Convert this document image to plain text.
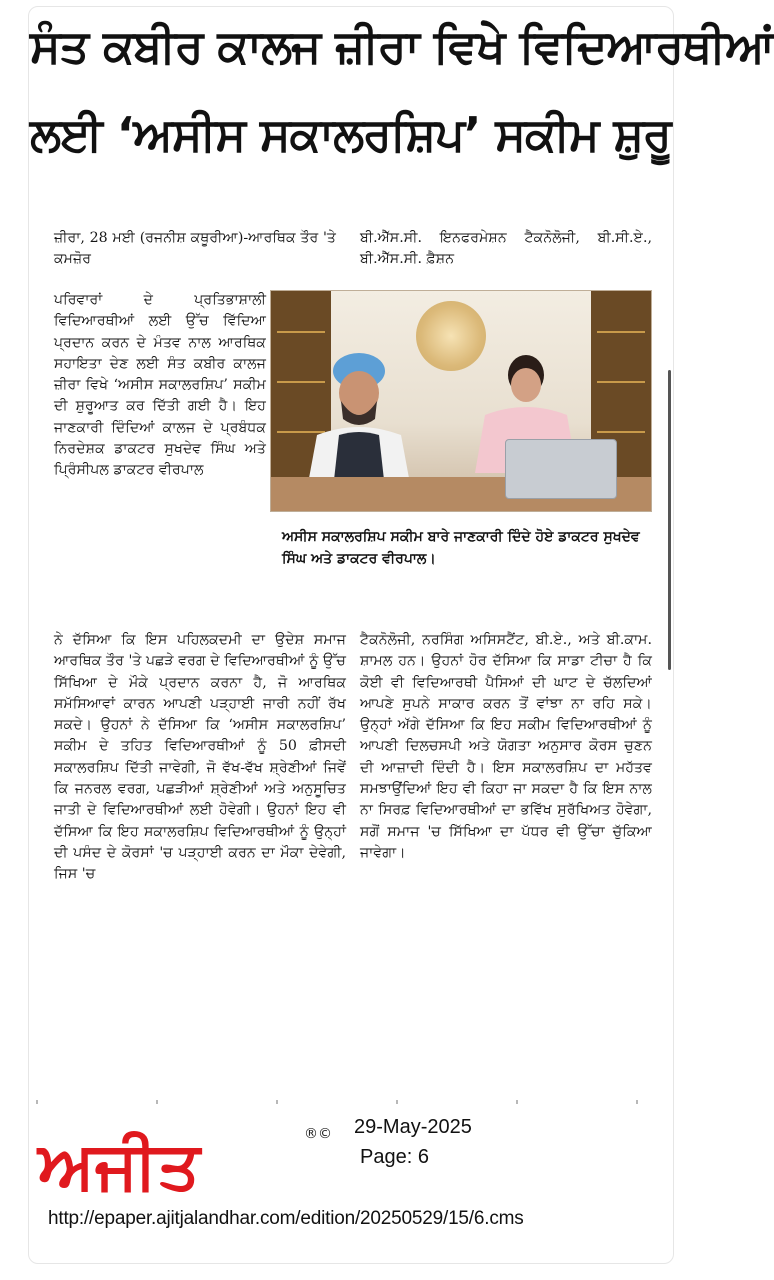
ਸੰਤ ਕਬੀਰ ਕਾਲਜ ਜ਼ੀਰਾ ਵਿਖੇ ਵਿਦਿਆਰਥੀਆਂ
ਲਈ ‘ਅਸੀਸ ਸਕਾਲਰਸ਼ਿਪ’ ਸਕੀਮ ਸ਼ੁਰੂ

ਜ਼ੀਰਾ, 28 ਮਈ (ਰਜਨੀਸ਼ ਕਥੂਰੀਆ)-ਆਰਥਿਕ ਤੌਰ 'ਤੇ ਕਮਜ਼ੋਰ

ਬੀ.ਐੱਸ.ਸੀ. ਇਨਫਰਮੇਸ਼ਨ ਟੈਕਨੋਲੋਜੀ, ਬੀ.ਸੀ.ਏ., ਬੀ.ਐੱਸ.ਸੀ. ਫ਼ੈਸ਼ਨ

ਪਰਿਵਾਰਾਂ ਦੇ ਪ੍ਰਤਿਭਾਸ਼ਾਲੀ ਵਿਦਿਆਰਥੀਆਂ ਲਈ ਉੱਚ ਵਿੱਦਿਆ ਪ੍ਰਦਾਨ ਕਰਨ ਦੇ ਮੰਤਵ ਨਾਲ ਆਰਥਿਕ ਸਹਾਇਤਾ ਦੇਣ ਲਈ ਸੰਤ ਕਬੀਰ ਕਾਲਜ ਜ਼ੀਰਾ ਵਿਖੇ ‘ਅਸੀਸ ਸਕਾਲਰਸ਼ਿਪ’ ਸਕੀਮ ਦੀ ਸ਼ੁਰੂਆਤ ਕਰ ਦਿੱਤੀ ਗਈ ਹੈ। ਇਹ ਜਾਣਕਾਰੀ ਦਿੰਦਿਆਂ ਕਾਲਜ ਦੇ ਪ੍ਰਬੰਧਕ ਨਿਰਦੇਸ਼ਕ ਡਾਕਟਰ ਸੁਖਦੇਵ ਸਿੰਘ ਅਤੇ ਪ੍ਰਿੰਸੀਪਲ ਡਾਕਟਰ ਵੀਰਪਾਲ

ਅਸੀਸ ਸਕਾਲਰਸ਼ਿਪ ਸਕੀਮ ਬਾਰੇ ਜਾਣਕਾਰੀ ਦਿੰਦੇ ਹੋਏ ਡਾਕਟਰ ਸੁਖਦੇਵ ਸਿੰਘ ਅਤੇ ਡਾਕਟਰ ਵੀਰਪਾਲ।

ਨੇ ਦੱਸਿਆ ਕਿ ਇਸ ਪਹਿਲਕਦਮੀ ਦਾ ਉਦੇਸ਼ ਸਮਾਜ ਆਰਥਿਕ ਤੌਰ 'ਤੇ ਪਛੜੇ ਵਰਗ ਦੇ ਵਿਦਿਆਰਥੀਆਂ ਨੂੰ ਉੱਚ ਸਿੱਖਿਆ ਦੇ ਮੌਕੇ ਪ੍ਰਦਾਨ ਕਰਨਾ ਹੈ, ਜੋ ਆਰਥਿਕ ਸਮੱਸਿਆਵਾਂ ਕਾਰਨ ਆਪਣੀ ਪੜ੍ਹਾਈ ਜਾਰੀ ਨਹੀਂ ਰੱਖ ਸਕਦੇ। ਉਹਨਾਂ ਨੇ ਦੱਸਿਆ ਕਿ ‘ਅਸੀਸ ਸਕਾਲਰਸ਼ਿਪ’ ਸਕੀਮ ਦੇ ਤਹਿਤ ਵਿਦਿਆਰਥੀਆਂ ਨੂੰ 50 ਫ਼ੀਸਦੀ ਸਕਾਲਰਸ਼ਿਪ ਦਿੱਤੀ ਜਾਵੇਗੀ, ਜੋ ਵੱਖ-ਵੱਖ ਸ਼੍ਰੇਣੀਆਂ ਜਿਵੇਂ ਕਿ ਜਨਰਲ ਵਰਗ, ਪਛੜੀਆਂ ਸ਼੍ਰੇਣੀਆਂ ਅਤੇ ਅਨੁਸੂਚਿਤ ਜਾਤੀ ਦੇ ਵਿਦਿਆਰਥੀਆਂ ਲਈ ਹੋਵੇਗੀ। ਉਹਨਾਂ ਇਹ ਵੀ ਦੱਸਿਆ ਕਿ ਇਹ ਸਕਾਲਰਸ਼ਿਪ ਵਿਦਿਆਰਥੀਆਂ ਨੂੰ ਉਨ੍ਹਾਂ ਦੀ ਪਸੰਦ ਦੇ ਕੋਰਸਾਂ 'ਚ ਪੜ੍ਹਾਈ ਕਰਨ ਦਾ ਮੌਕਾ ਦੇਵੇਗੀ, ਜਿਸ 'ਚ

ਟੈਕਨੋਲੋਜੀ, ਨਰਸਿੰਗ ਅਸਿਸਟੈਂਟ, ਬੀ.ਏ., ਅਤੇ ਬੀ.ਕਾਮ. ਸ਼ਾਮਲ ਹਨ। ਉਹਨਾਂ ਹੋਰ ਦੱਸਿਆ ਕਿ ਸਾਡਾ ਟੀਚਾ ਹੈ ਕਿ ਕੋਈ ਵੀ ਵਿਦਿਆਰਥੀ ਪੈਸਿਆਂ ਦੀ ਘਾਟ ਦੇ ਚੱਲਦਿਆਂ ਆਪਣੇ ਸੁਪਨੇ ਸਾਕਾਰ ਕਰਨ ਤੋਂ ਵਾਂਝਾ ਨਾ ਰਹਿ ਸਕੇ। ਉਨ੍ਹਾਂ ਅੱਗੇ ਦੱਸਿਆ ਕਿ ਇਹ ਸਕੀਮ ਵਿਦਿਆਰਥੀਆਂ ਨੂੰ ਆਪਣੀ ਦਿਲਚਸਪੀ ਅਤੇ ਯੋਗਤਾ ਅਨੁਸਾਰ ਕੋਰਸ ਚੁਣਨ ਦੀ ਆਜ਼ਾਦੀ ਦਿੰਦੀ ਹੈ। ਇਸ ਸਕਾਲਰਸ਼ਿਪ ਦਾ ਮਹੱਤਵ ਸਮਝਾਉਂਦਿਆਂ ਇਹ ਵੀ ਕਿਹਾ ਜਾ ਸਕਦਾ ਹੈ ਕਿ ਇਸ ਨਾਲ ਨਾ ਸਿਰਫ਼ ਵਿਦਿਆਰਥੀਆਂ ਦਾ ਭਵਿੱਖ ਸੁਰੱਖਿਅਤ ਹੋਵੇਗਾ, ਸਗੋਂ ਸਮਾਜ 'ਚ ਸਿੱਖਿਆ ਦਾ ਪੱਧਰ ਵੀ ਉੱਚਾ ਚੁੱਕਿਆ ਜਾਵੇਗਾ।

ਅਜੀਤ	®© 29-May-2025
Page: 6
http://epaper.ajitjalandhar.com/edition/20250529/15/6.cms
